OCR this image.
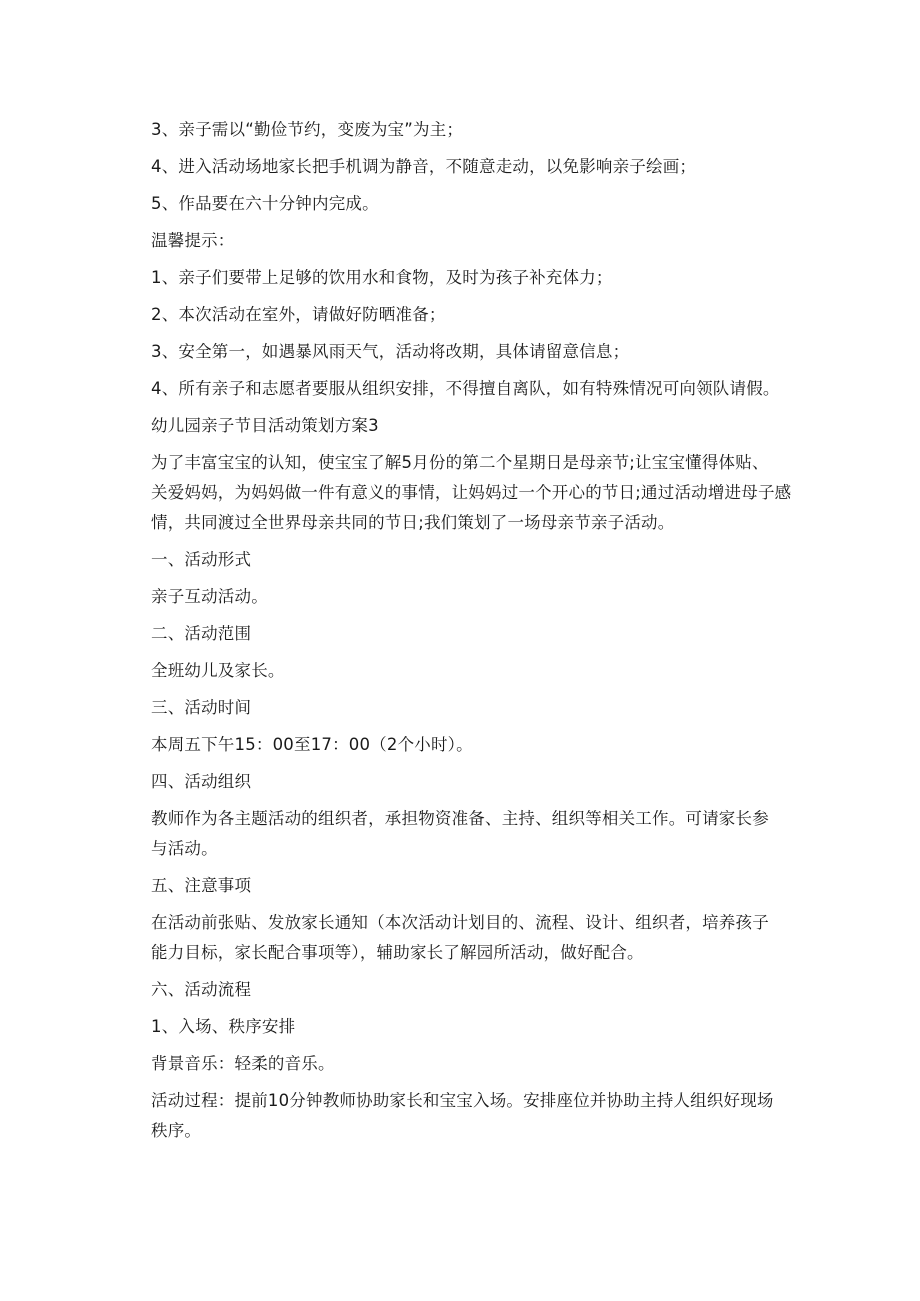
3、亲子需以“勤俭节约，变废为宝”为主；
4、进入活动场地家长把手机调为静音，不随意走动，以免影响亲子绘画；
5、作品要在六十分钟内完成。
温馨提示：
1、亲子们要带上足够的饮用水和食物，及时为孩子补充体力；
2、本次活动在室外，请做好防晒准备；
3、安全第一，如遇暴风雨天气，活动将改期，具体请留意信息；
4、所有亲子和志愿者要服从组织安排，不得擅自离队，如有特殊情况可向领队请假。
幼儿园亲子节目活动策划方案3
为了丰富宝宝的认知，使宝宝了解5月份的第二个星期日是母亲节;让宝宝懂得体贴、
关爱妈妈，为妈妈做一件有意义的事情，让妈妈过一个开心的节日;通过活动增进母子感
情，共同渡过全世界母亲共同的节日;我们策划了一场母亲节亲子活动。
一、活动形式
亲子互动活动。
二、活动范围
全班幼儿及家长。
三、活动时间
本周五下午15：00至17：00（2个小时）。
四、活动组织
教师作为各主题活动的组织者，承担物资准备、主持、组织等相关工作。可请家长参
与活动。
五、注意事项
在活动前张贴、发放家长通知（本次活动计划目的、流程、设计、组织者，培养孩子
能力目标，家长配合事项等），辅助家长了解园所活动，做好配合。
六、活动流程
1、入场、秩序安排
背景音乐：轻柔的音乐。
活动过程：提前10分钟教师协助家长和宝宝入场。安排座位并协助主持人组织好现场
秩序。
